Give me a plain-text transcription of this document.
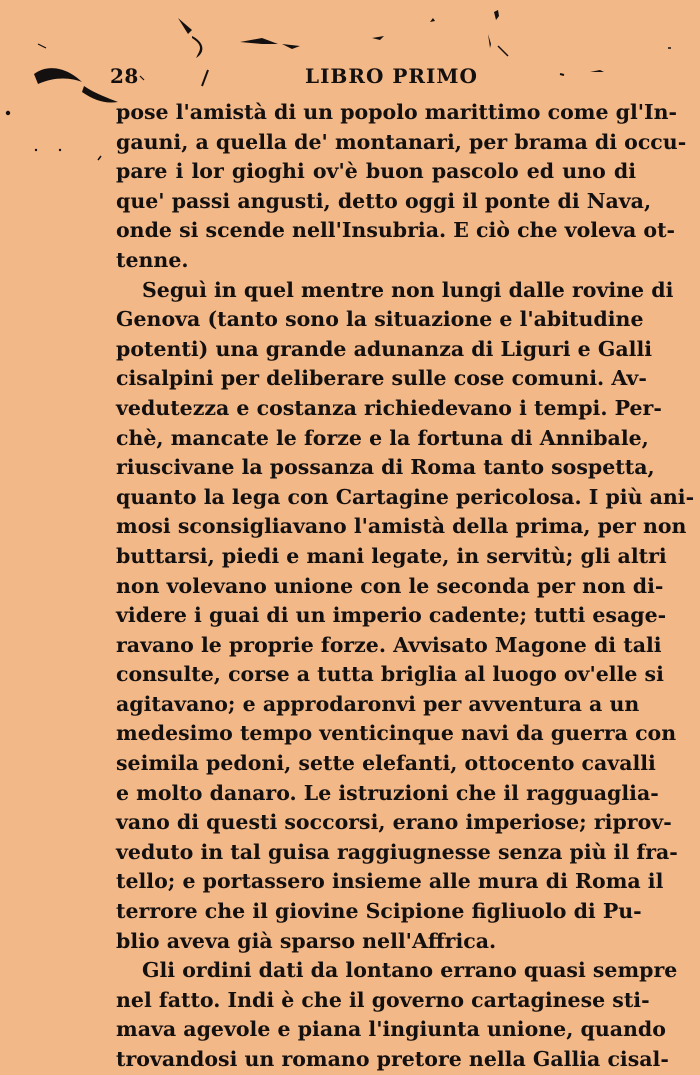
28	LIBRO PRIMO
pose l'amistà di un popolo marittimo come gl'In-
gauni, a quella de' montanari, per brama di occu-
pare i lor gioghi ov'è buon pascolo ed uno di
que' passi angusti, detto oggi il ponte di Nava,
onde si scende nell'Insubria. E ciò che voleva ot-
tenne.
Seguì in quel mentre non lungi dalle rovine di
Genova (tanto sono la situazione e l'abitudine
potenti) una grande adunanza di Liguri e Galli
cisalpini per deliberare sulle cose comuni. Av-
vedutezza e costanza richiedevano i tempi. Per-
chè, mancate le forze e la fortuna di Annibale,
riuscivane la possanza di Roma tanto sospetta,
quanto la lega con Cartagine pericolosa. I più ani-
mosi sconsigliavano l'amistà della prima, per non
buttarsi, piedi e mani legate, in servitù; gli altri
non volevano unione con le seconda per non di-
videre i guai di un imperio cadente; tutti esage-
ravano le proprie forze. Avvisato Magone di tali
consulte, corse a tutta briglia al luogo ov'elle si
agitavano; e approdaronvi per avventura a un
medesimo tempo venticinque navi da guerra con
seimila pedoni, sette elefanti, ottocento cavalli
e molto danaro. Le istruzioni che il ragguaglia-
vano di questi soccorsi, erano imperiose; riprov-
veduto in tal guisa raggiugnesse senza più il fra-
tello; e portassero insieme alle mura di Roma il
terrore che il giovine Scipione figliuolo di Pu-
blio aveva già sparso nell'Affrica.
Gli ordini dati da lontano errano quasi sempre
nel fatto. Indi è che il governo cartaginese sti-
mava agevole e piana l'ingiunta unione, quando
trovandosi un romano pretore nella Gallia cisal-
